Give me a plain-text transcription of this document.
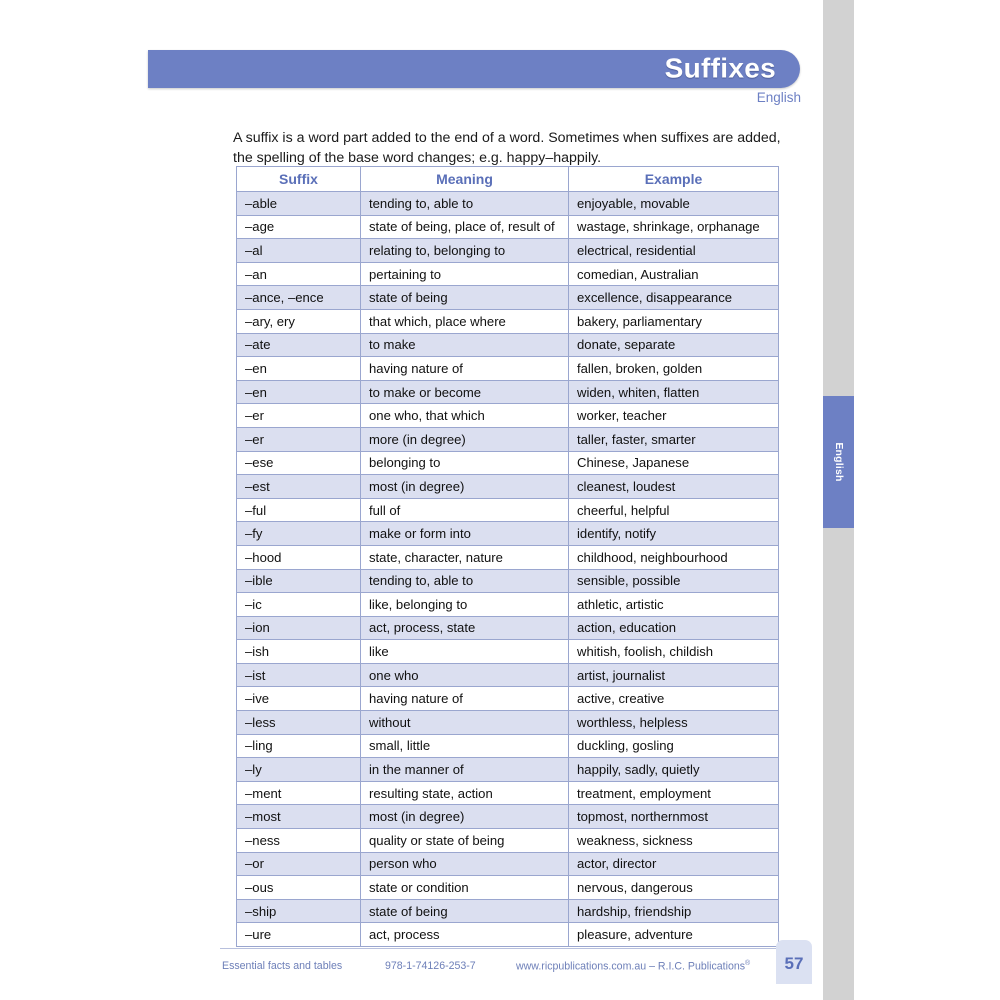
Suffixes
English

A suffix is a word part added to the end of a word. Sometimes when suffixes are added, the spelling of the base word changes; e.g. happy–happily.

Suffix	Meaning	Example
–able	tending to, able to	enjoyable, movable
–age	state of being, place of, result of	wastage, shrinkage, orphanage
–al	relating to, belonging to	electrical, residential
–an	pertaining to	comedian, Australian
–ance, –ence	state of being	excellence, disappearance
–ary, ery	that which, place where	bakery, parliamentary
–ate	to make	donate, separate
–en	having nature of	fallen, broken, golden
–en	to make or become	widen, whiten, flatten
–er	one who, that which	worker, teacher
–er	more (in degree)	taller, faster, smarter
–ese	belonging to	Chinese, Japanese
–est	most (in degree)	cleanest, loudest
–ful	full of	cheerful, helpful
–fy	make or form into	identify, notify
–hood	state, character, nature	childhood, neighbourhood
–ible	tending to, able to	sensible, possible
–ic	like, belonging to	athletic, artistic
–ion	act, process, state	action, education
–ish	like	whitish, foolish, childish
–ist	one who	artist, journalist
–ive	having nature of	active, creative
–less	without	worthless, helpless
–ling	small, little	duckling, gosling
–ly	in the manner of	happily, sadly, quietly
–ment	resulting state, action	treatment, employment
–most	most (in degree)	topmost, northernmost
–ness	quality or state of being	weakness, sickness
–or	person who	actor, director
–ous	state or condition	nervous, dangerous
–ship	state of being	hardship, friendship
–ure	act, process	pleasure, adventure
Essential facts and tables	978-1-74126-253-7	www.ricpublications.com.au – R.I.C. Publications®	57
English
